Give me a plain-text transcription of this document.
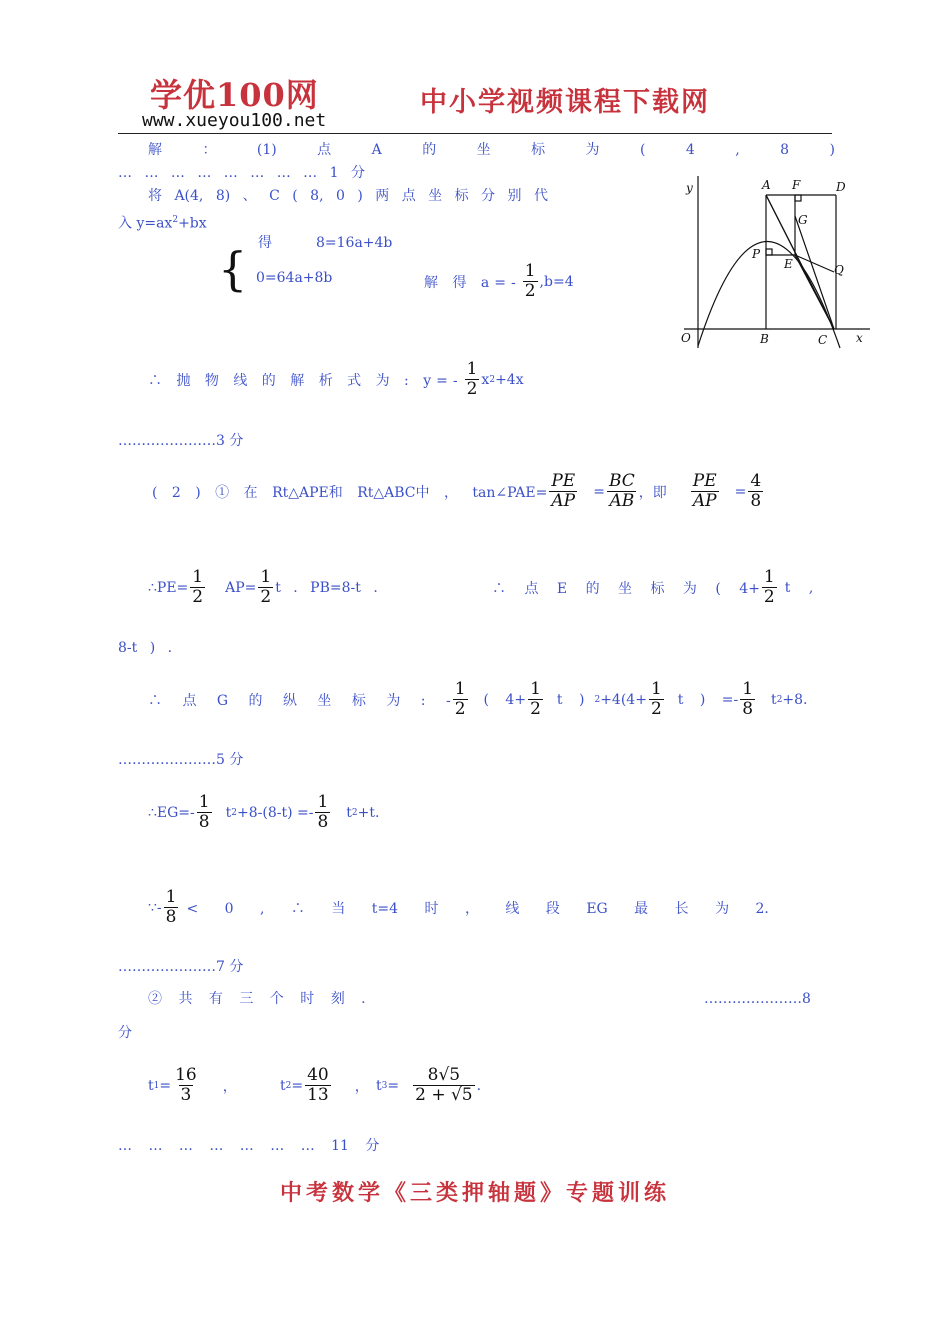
学优100网
www.xueyou100.net
中小学视频课程下载网
解 ： (1) 点 A 的 坐 标 为 ( 4 , 8 )
… … … … … … … … 1 分
将 A(4, 8) 、 C ( 8, 0 ) 两 点 坐 标 分 别 代
入 $y=ax^2+bx$
得	8=16a+4b
{ 0=64a+8b	解 得 $a=- \frac{1}{2} ,b=4$
y
x
O
A
B	C
D
F
G
P
E	Q
∴ 抛 物 线 的 解 析 式 为 : $y=- \frac{1}{2}$ x 2 +4x
…………………3 分
( 2 ) ① 在 Rt△APE和 Rt△ABC中 ， tan∠PAE= $\frac{PE}{AP} = \frac{BC}{AB}$ ，即 $\frac{PE}{AP} = \frac{4}{8}$
∴PE= $\frac{1}{2} AP= \frac{1}{2}$ t . PB=8-t .	∴ 点 E 的 坐 标 为 ( $4+ \frac{1}{2}$ t ,
8-t ) .
∴ 点 G 的 纵 坐 标 为 : - $\frac{1}{2}$ ( $4+ \frac{1}{2}$ t ) $2 +4(4+ \frac{1}{2}$ t ) =- $\frac{1}{8}$ t 2 +8.
…………………5 分
∴EG=- $\frac{1}{8}$ t $2 +8-(8-t) =- \frac{1}{8}$ t 2 +t.
∵- $\frac{1}{8} < 0$ , ∴ 当 t=4 时 ， 线 段 EG 最 长 为 2.
…………………7 分
② 共 有 三 个 时 刻 .	…………………8
分
t $1 = \frac{16}{3}$ ，	t $2 = \frac{40}{13}$ ， t $3 = \frac{8√5}{2 + √5}$ .
… … … … … … … 11 分
中考数学《三类押轴题》专题训练
